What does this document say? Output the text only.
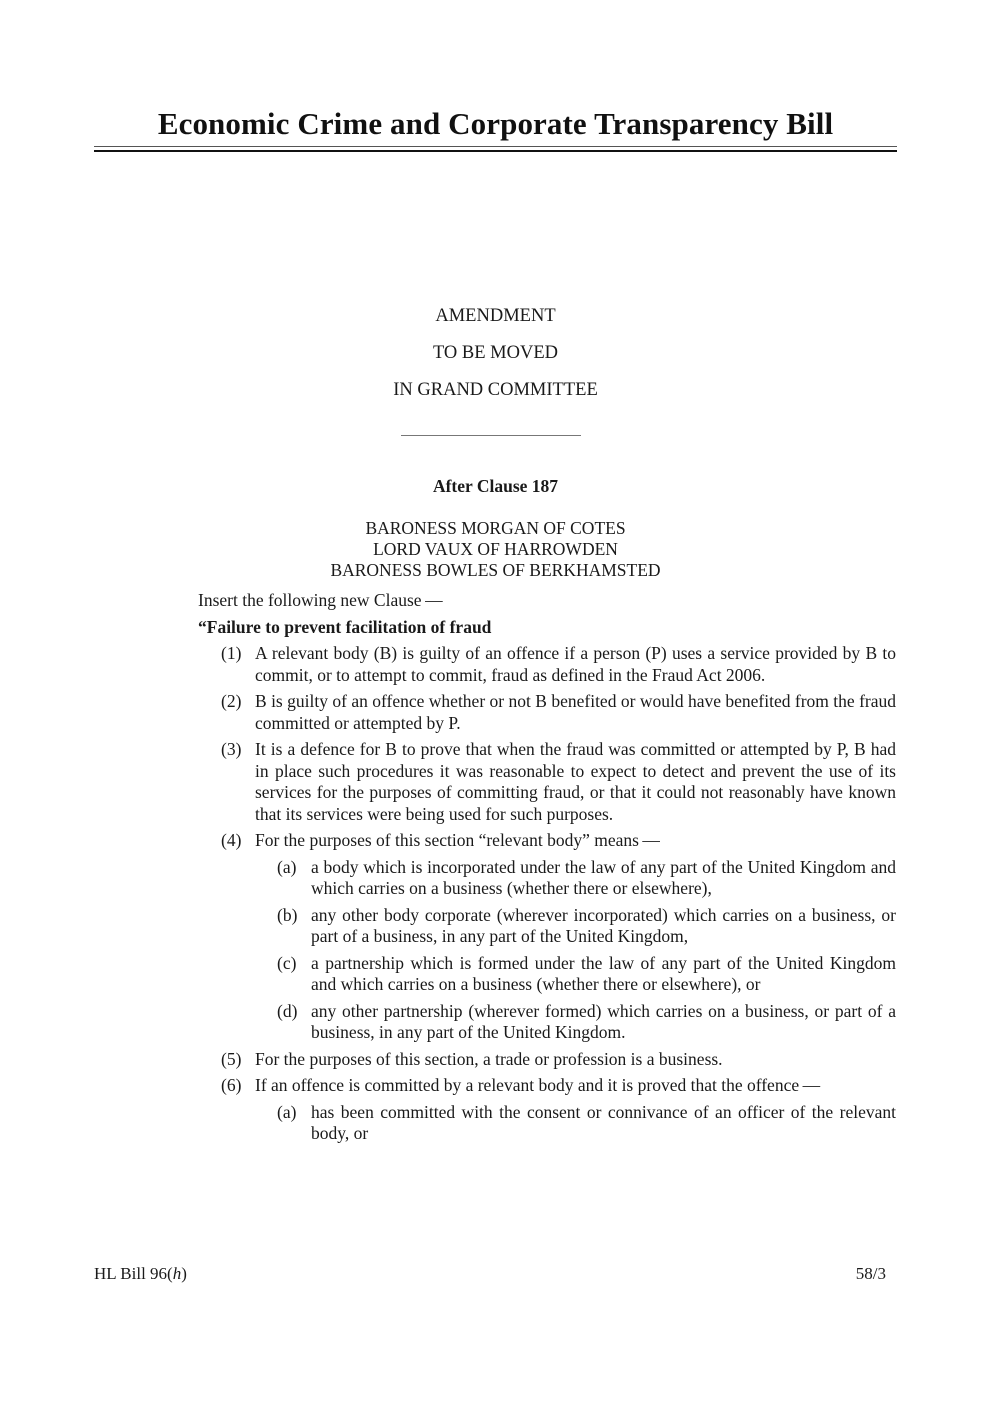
Economic Crime and Corporate Transparency Bill
AMENDMENT
TO BE MOVED
IN GRAND COMMITTEE
After Clause 187
BARONESS MORGAN OF COTES
LORD VAUX OF HARROWDEN
BARONESS BOWLES OF BERKHAMSTED
Insert the following new Clause —
“Failure to prevent facilitation of fraud
(1) A relevant body (B) is guilty of an offence if a person (P) uses a service provided by B to commit, or to attempt to commit, fraud as defined in the Fraud Act 2006.
(2) B is guilty of an offence whether or not B benefited or would have benefited from the fraud committed or attempted by P.
(3) It is a defence for B to prove that when the fraud was committed or attempted by P, B had in place such procedures it was reasonable to expect to detect and prevent the use of its services for the purposes of committing fraud, or that it could not reasonably have known that its services were being used for such purposes.
(4) For the purposes of this section “relevant body” means —
(a) a body which is incorporated under the law of any part of the United Kingdom and which carries on a business (whether there or elsewhere),
(b) any other body corporate (wherever incorporated) which carries on a business, or part of a business, in any part of the United Kingdom,
(c) a partnership which is formed under the law of any part of the United Kingdom and which carries on a business (whether there or elsewhere), or
(d) any other partnership (wherever formed) which carries on a business, or part of a business, in any part of the United Kingdom.
(5) For the purposes of this section, a trade or profession is a business.
(6) If an offence is committed by a relevant body and it is proved that the offence —
(a) has been committed with the consent or connivance of an officer of the relevant body, or
HL Bill 96(h)	58/3
